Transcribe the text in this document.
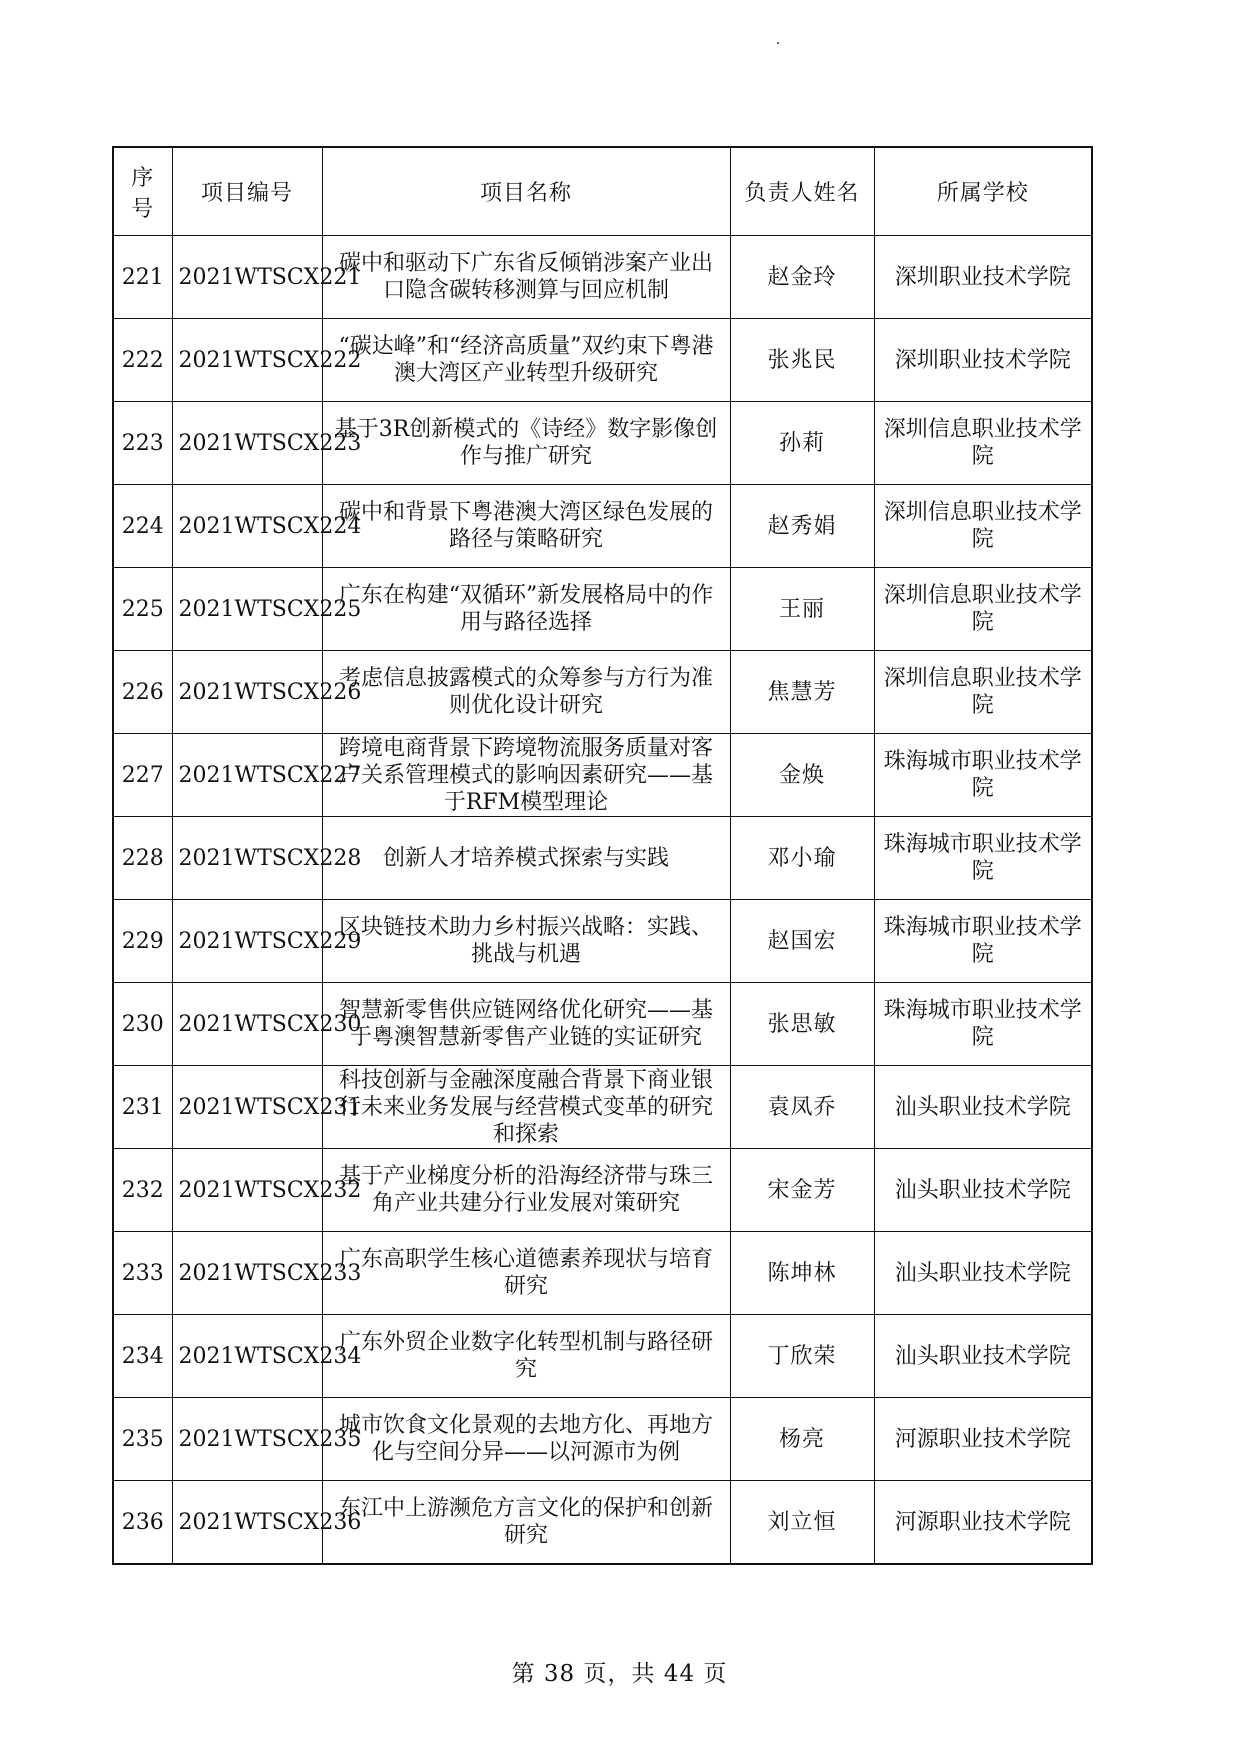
序号	项目编号	项目名称	负责人姓名	所属学校
221	2021WTSCX221	碳中和驱动下广东省反倾销涉案产业出口隐含碳转移测算与回应机制	赵金玲	深圳职业技术学院
222	2021WTSCX222	“碳达峰”和“经济高质量”双约束下粤港澳大湾区产业转型升级研究	张兆民	深圳职业技术学院
223	2021WTSCX223	基于3R创新模式的《诗经》数字影像创作与推广研究	孙莉	深圳信息职业技术学院
224	2021WTSCX224	碳中和背景下粤港澳大湾区绿色发展的路径与策略研究	赵秀娟	深圳信息职业技术学院
225	2021WTSCX225	广东在构建“双循环”新发展格局中的作用与路径选择	王丽	深圳信息职业技术学院
226	2021WTSCX226	考虑信息披露模式的众筹参与方行为准则优化设计研究	焦慧芳	深圳信息职业技术学院
227	2021WTSCX227	跨境电商背景下跨境物流服务质量对客户关系管理模式的影响因素研究——基于RFM模型理论	金焕	珠海城市职业技术学院
228	2021WTSCX228	创新人才培养模式探索与实践	邓小瑜	珠海城市职业技术学院
229	2021WTSCX229	区块链技术助力乡村振兴战略：实践、挑战与机遇	赵国宏	珠海城市职业技术学院
230	2021WTSCX230	智慧新零售供应链网络优化研究——基于粤澳智慧新零售产业链的实证研究	张思敏	珠海城市职业技术学院
231	2021WTSCX231	科技创新与金融深度融合背景下商业银行未来业务发展与经营模式变革的研究和探索	袁凤乔	汕头职业技术学院
232	2021WTSCX232	基于产业梯度分析的沿海经济带与珠三角产业共建分行业发展对策研究	宋金芳	汕头职业技术学院
233	2021WTSCX233	广东高职学生核心道德素养现状与培育研究	陈坤林	汕头职业技术学院
234	2021WTSCX234	广东外贸企业数字化转型机制与路径研究	丁欣荣	汕头职业技术学院
235	2021WTSCX235	城市饮食文化景观的去地方化、再地方化与空间分异——以河源市为例	杨亮	河源职业技术学院
236	2021WTSCX236	东江中上游濒危方言文化的保护和创新研究	刘立恒	河源职业技术学院
第 38 页，共 44 页
